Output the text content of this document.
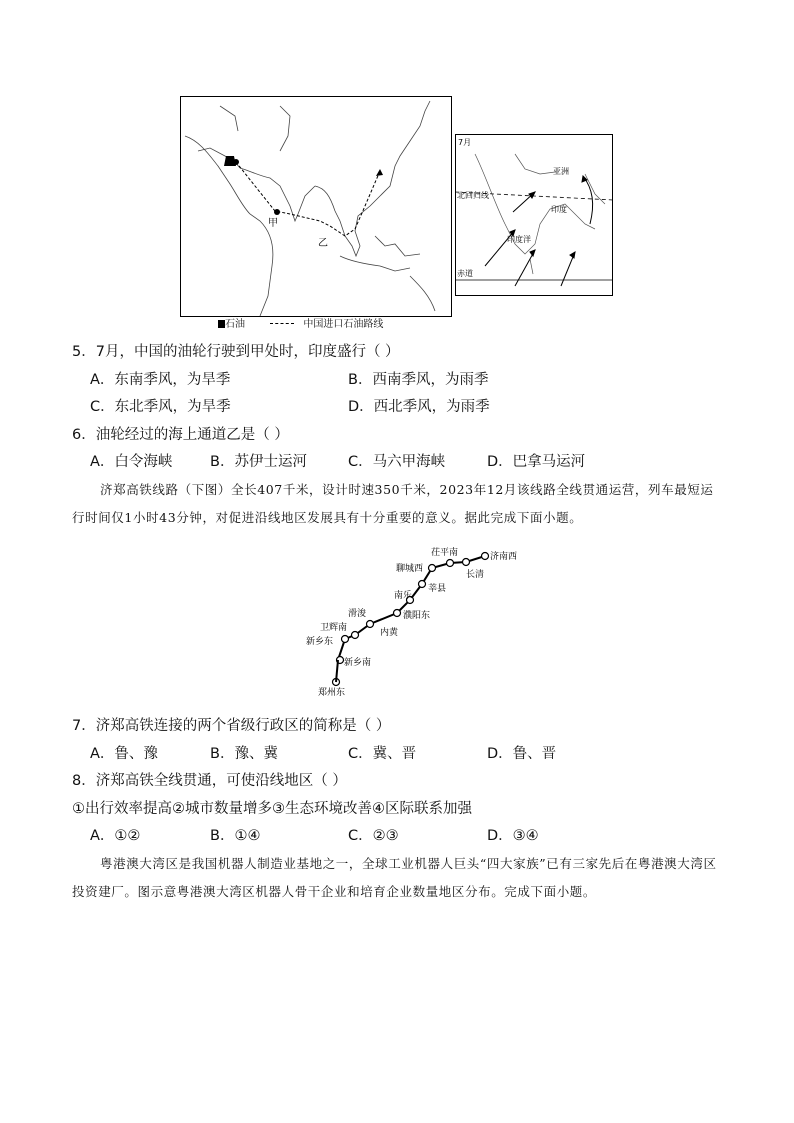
甲
乙
7月
亚洲
印度
印度洋
北回归线
赤道
石油	中国进口石油路线
5．7月，中国的油轮行驶到甲处时，印度盛行（ ）
A．东南季风，为旱季	B．西南季风，为雨季
C．东北季风，为旱季	D．西北季风，为雨季
6．油轮经过的海上通道乙是（ ）
A．白令海峡	B．苏伊士运河	C．马六甲海峡	D．巴拿马运河
济郑高铁线路（下图）全长407千米，设计时速350千米，2023年12月该线路全线贯通运营，列车最短运行时间仅1小时43分钟，对促进沿线地区发展具有十分重要的意义。据此完成下面小题。
茌平南	济南西
长清
聊城西
莘县
南乐
濮阳东
滑浚
内黄
卫辉南
新乡东
新乡南
郑州东
7．济郑高铁连接的两个省级行政区的简称是（ ）
A．鲁、豫	B．豫、冀	C．冀、晋	D．鲁、晋
8．济郑高铁全线贯通，可使沿线地区（ ）
①出行效率提高②城市数量增多③生态环境改善④区际联系加强
A．①②	B．①④	C．②③	D．③④
粤港澳大湾区是我国机器人制造业基地之一，全球工业机器人巨头“四大家族”已有三家先后在粤港澳大湾区投资建厂。图示意粤港澳大湾区机器人骨干企业和培育企业数量地区分布。完成下面小题。
